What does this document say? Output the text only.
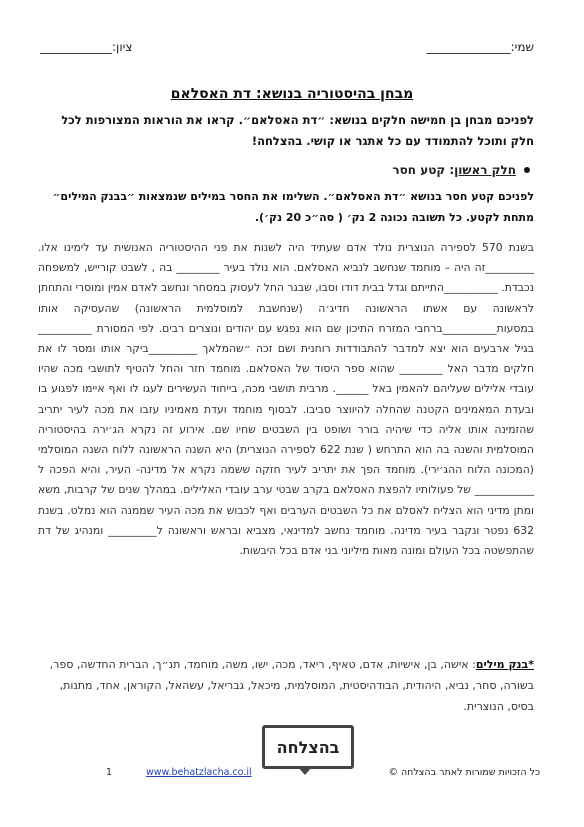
שמי:______________
ציון:____________
מבחן בהיסטוריה בנושא: דת האסלאם
לפניכם מבחן בן חמישה חלקים בנושא: ״דת האסלאם״. קראו את הוראות המצורפות לכל חלק ותוכל להתמודד עם כל אתגר או קושי. בהצלחה!
חלק ראשון: קטע חסר
לפניכם קטע חסר בנושא ״דת האסלאם״. השלימו את החסר במילים שנמצאות ״בבנק המילים״ מתחת לקטע. כל תשובה נכונה 2 נק׳ ( סה״כ 20 נק׳).
בשנת 570 לספירה הנוצרית נולד אדם שעתיד היה לשנות את פני ההיסטוריה האנושית עד לימינו אלו. _________זה היה – מוחמד שנחשב לנביא האסלאם. הוא נולד בעיר ________ בה , לשבט קורייש, למשפחה נכבדת. __________התייתם וגדל בבית דודו וסבו, שבגר החל לעסוק במסחר ונחשב לאדם אמין ומוסרי והתחתן לראשונה עם אשתו הראשונה חדיג׳ה (שנחשבת למוסלמית הראשונה) שהעסיקה אותו במסעות__________ברחבי המזרח התיכון שם הוא נפגש עם יהודים ונוצרים רבים. לפי המסורת __________ בגיל ארבעים הוא יצא למדבר להתבודדות רוחנית ושם זכה ״שהמלאך _________ביקר אותו ומסר לו את חלקים מדבר האל ________ שהוא ספר היסוד של האסלאם. מוחמד חזר והחל להטיף לתושבי מכה שהיו עובדי אלילים שעליהם להאמין באל ______. מרבית תושבי מכה, בייחוד העשירים לעגו לו ואף איימו לפגוע בו ובעדת המאמינים הקטנה שהחלה להיווצר סביבו. לבסוף מוחמד ועדת מאמיניו עזבו את מכה לעיר יתריב שהזמינה אותו אליה כדי שיהיה בורר ושופט בין השבטים שחיו שם. אירוע זה נקרא הג׳ירה בהיסטוריה המוסלמית והשנה בה הוא התרחש ( שנת 622 לספירה הנוצרית) היא השנה הראשונה ללוח השנה המוסלמי (המכונה הלוח ההג׳ירי). מוחמד הפך את יתריב לעיר חזקה ששמה נקרא אל מדינה- העיר, והיא הפכה ל ___________ של פעולותיו להפצת האסלאם בקרב שבטי ערב עובדי האלילים. במהלך שנים של קרבות, משא ומתן מדיני הוא הצליח לאסלם את כל השבטים הערבים ואף לכבוש את מכה העיר שממנה הוא נמלט. בשנת 632 נפטר ונקבר בעיר מדינה. מוחמד נחשב למדינאי, מצביא ובראש וראשונה ל_________ ומנהיג של דת שהתפשטה בכל העולם ומונה מאות מיליוני בני אדם בכל היבשות.
*בנק מילים: אישה, בן, אישיות, אדם, טאיף, ריאד, מכה, ישו, משה, מוחמד, תנ״ך, הברית החדשה, ספר, בשורה, סחר, נביא, היהודית, הבודהיסטית, המוסלמית, מיכאל, גבריאל, עשהאל, הקוראן, אחד, מתנות, בסיס, הנוצרית.
בהצלחה
כל הזכויות שמורות לאתר בהצלחה ©
www.behatzlacha.co.il
1
